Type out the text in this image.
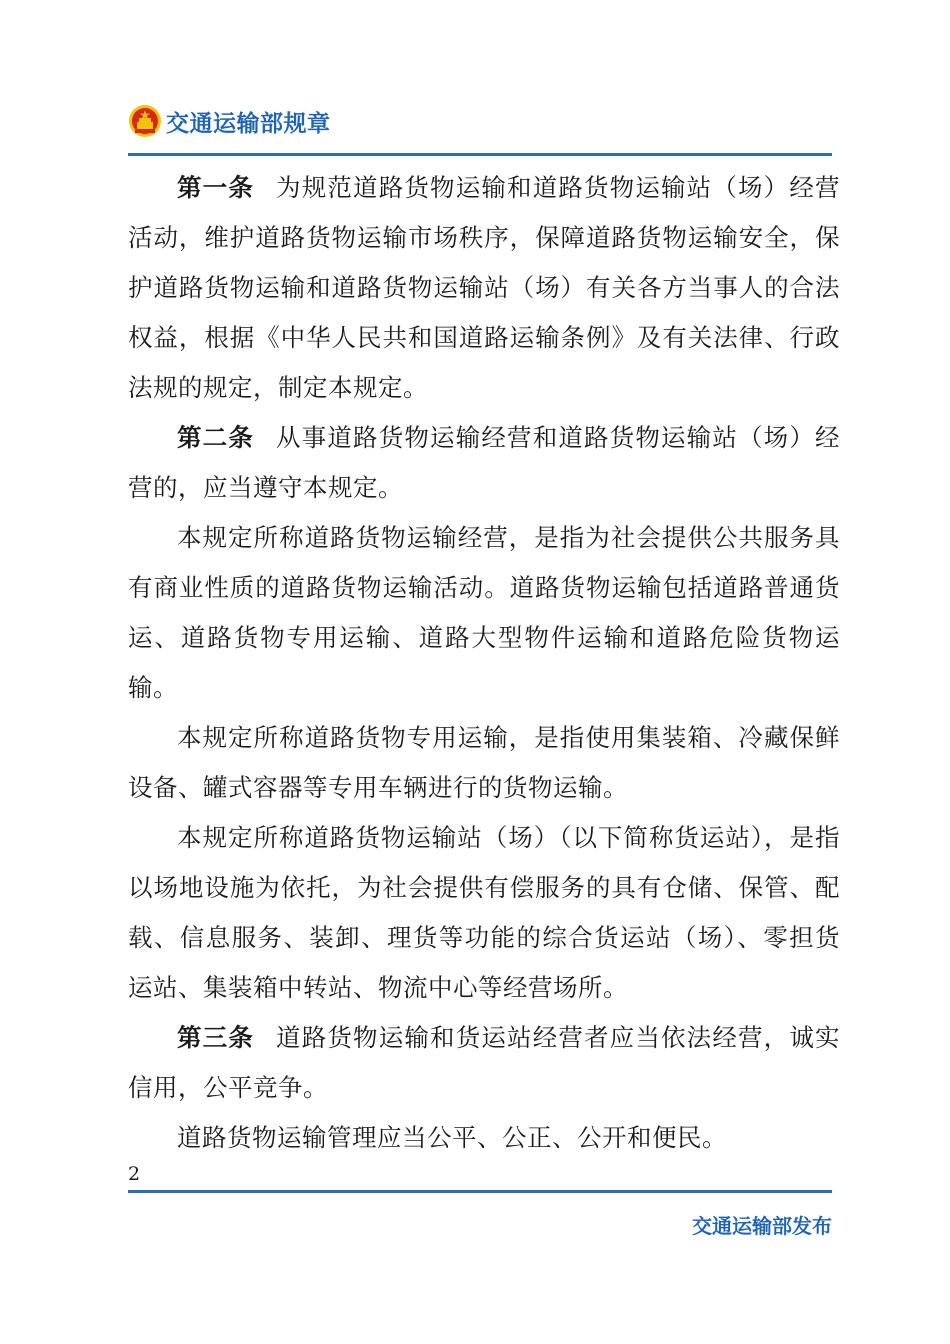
交通运输部规章

第一条 为规范道路货物运输和道路货物运输站（场）经营活动，维护道路货物运输市场秩序，保障道路货物运输安全，保护道路货物运输和道路货物运输站（场）有关各方当事人的合法权益，根据《中华人民共和国道路运输条例》及有关法律、行政法规的规定，制定本规定。

第二条 从事道路货物运输经营和道路货物运输站（场）经营的，应当遵守本规定。

本规定所称道路货物运输经营，是指为社会提供公共服务具有商业性质的道路货物运输活动。道路货物运输包括道路普通货运、道路货物专用运输、道路大型物件运输和道路危险货物运输。

本规定所称道路货物专用运输，是指使用集装箱、冷藏保鲜设备、罐式容器等专用车辆进行的货物运输。

本规定所称道路货物运输站（场）（以下简称货运站），是指以场地设施为依托，为社会提供有偿服务的具有仓储、保管、配载、信息服务、装卸、理货等功能的综合货运站（场）、零担货运站、集装箱中转站、物流中心等经营场所。

第三条 道路货物运输和货运站经营者应当依法经营，诚实信用，公平竞争。

道路货物运输管理应当公平、公正、公开和便民。

2
交通运输部发布
